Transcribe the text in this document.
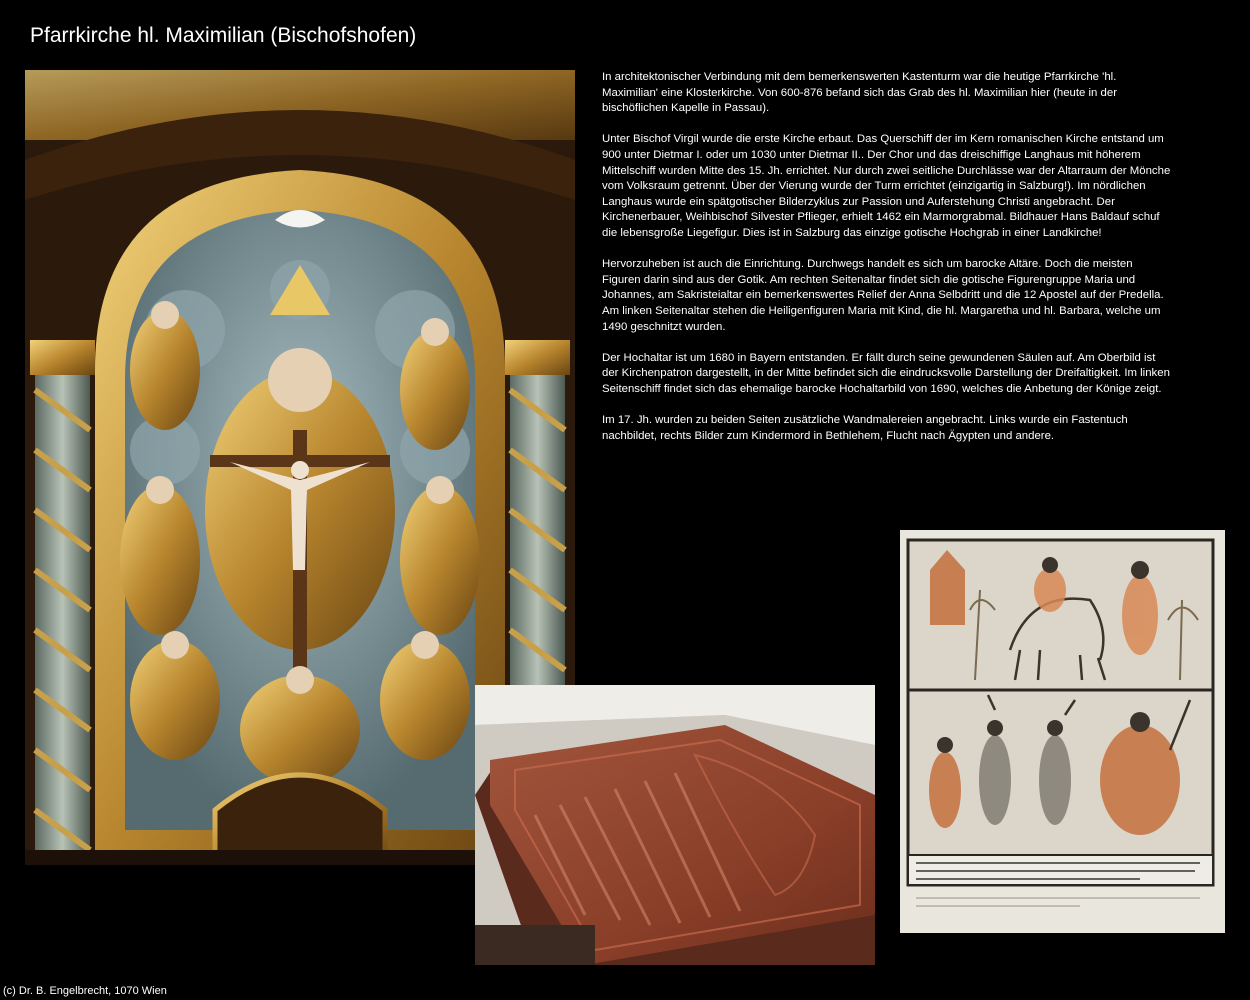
Pfarrkirche hl. Maximilian (Bischofshofen)

In architektonischer Verbindung mit dem bemerkenswerten Kastenturm war die heutige Pfarrkirche 'hl. Maximilian' eine Klosterkirche. Von 600-876 befand sich das Grab des hl. Maximilian hier (heute in der bischöflichen Kapelle in Passau).

Unter Bischof Virgil wurde die erste Kirche erbaut. Das Querschiff der im Kern romanischen Kirche entstand um 900 unter Dietmar I. oder um 1030 unter Dietmar II.. Der Chor und das dreischiffige Langhaus mit höherem Mittelschiff wurden Mitte des 15. Jh. errichtet. Nur durch zwei seitliche Durchlässe war der Altarraum der Mönche vom Volksraum getrennt. Über der Vierung wurde der Turm errichtet (einzigartig in Salzburg!). Im nördlichen Langhaus wurde ein spätgotischer Bilderzyklus zur Passion und Auferstehung Christi angebracht. Der Kirchenerbauer, Weihbischof Silvester Pflieger, erhielt 1462 ein Marmorgrabmal. Bildhauer Hans Baldauf schuf die lebensgroße Liegefigur. Dies ist in Salzburg das einzige gotische Hochgrab in einer Landkirche!

Hervorzuheben ist auch die Einrichtung. Durchwegs handelt es sich um barocke Altäre. Doch die meisten Figuren darin sind aus der Gotik. Am rechten Seitenaltar findet sich die gotische Figurengruppe Maria und Johannes, am Sakristeialtar ein bemerkenswertes Relief der Anna Selbdritt und die 12 Apostel auf der Predella. Am linken Seitenaltar stehen die Heiligenfiguren Maria mit Kind, die hl. Margaretha und hl. Barbara, welche um 1490 geschnitzt wurden.

Der Hochaltar ist um 1680 in Bayern entstanden. Er fällt durch seine gewundenen Säulen auf. Am Oberbild ist der Kirchenpatron dargestellt, in der Mitte befindet sich die eindrucksvolle Darstellung der Dreifaltigkeit. Im linken Seitenschiff findet sich das ehemalige barocke Hochaltarbild von 1690, welches die Anbetung der Könige zeigt.

Im 17. Jh. wurden zu beiden Seiten zusätzliche Wandmalereien angebracht. Links wurde ein Fastentuch nachbildet, rechts Bilder zum Kindermord in Bethlehem, Flucht nach Ägypten und andere.

(c) Dr. B. Engelbrecht, 1070 Wien
